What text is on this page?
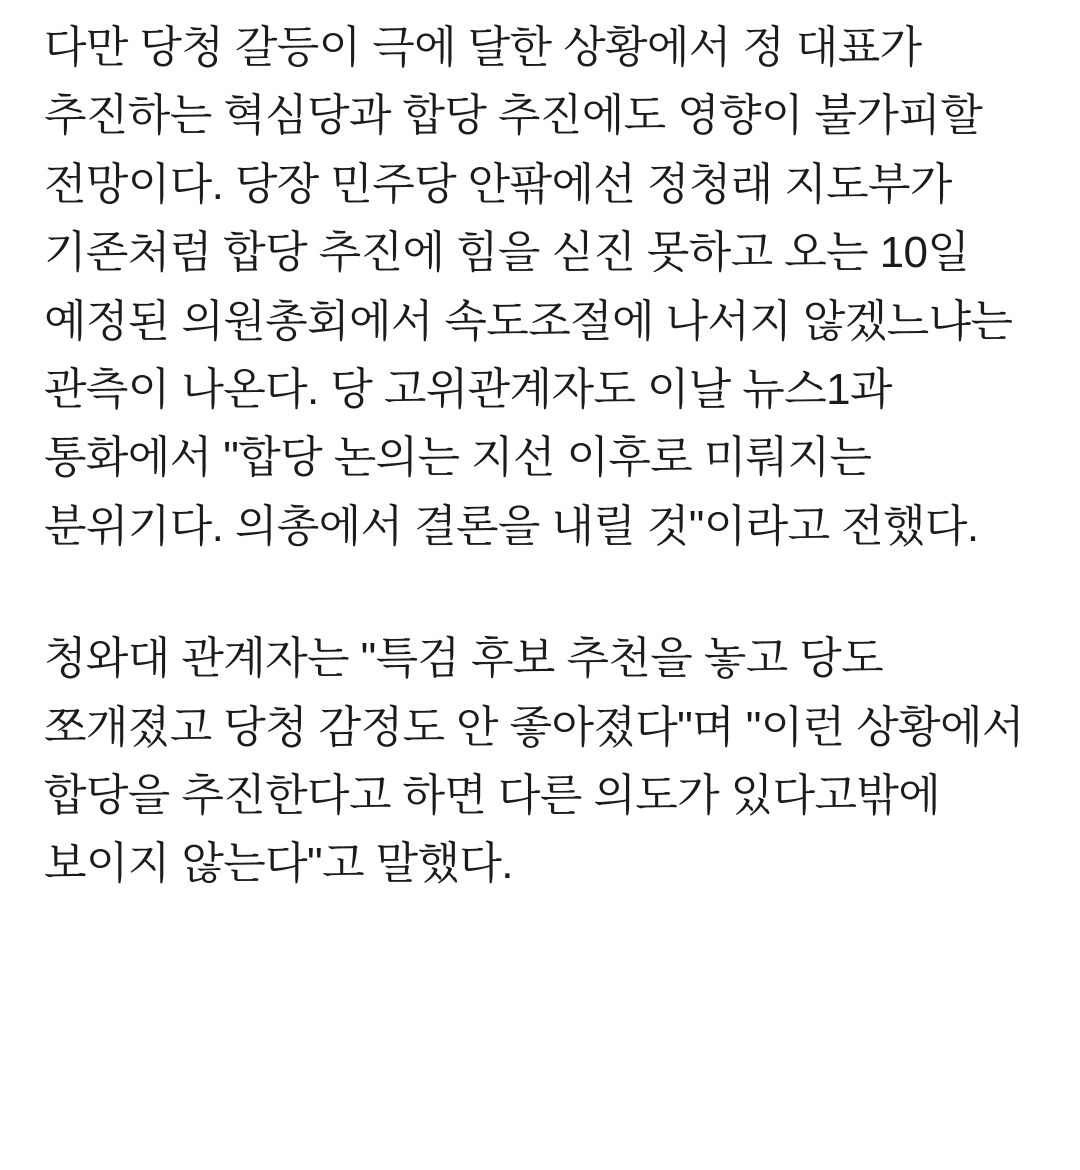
다만 당청 갈등이 극에 달한 상황에서 정 대표가 추진하는 혁심당과 합당 추진에도 영향이 불가피할 전망이다. 당장 민주당 안팎에선 정청래 지도부가 기존처럼 합당 추진에 힘을 싣진 못하고 오는 10일 예정된 의원총회에서 속도조절에 나서지 않겠느냐는 관측이 나온다. 당 고위관계자도 이날 뉴스1과 통화에서 "합당 논의는 지선 이후로 미뤄지는 분위기다. 의총에서 결론을 내릴 것"이라고 전했다.

청와대 관계자는 "특검 후보 추천을 놓고 당도 쪼개졌고 당청 감정도 안 좋아졌다"며 "이런 상황에서 합당을 추진한다고 하면 다른 의도가 있다고밖에 보이지 않는다"고 말했다.
